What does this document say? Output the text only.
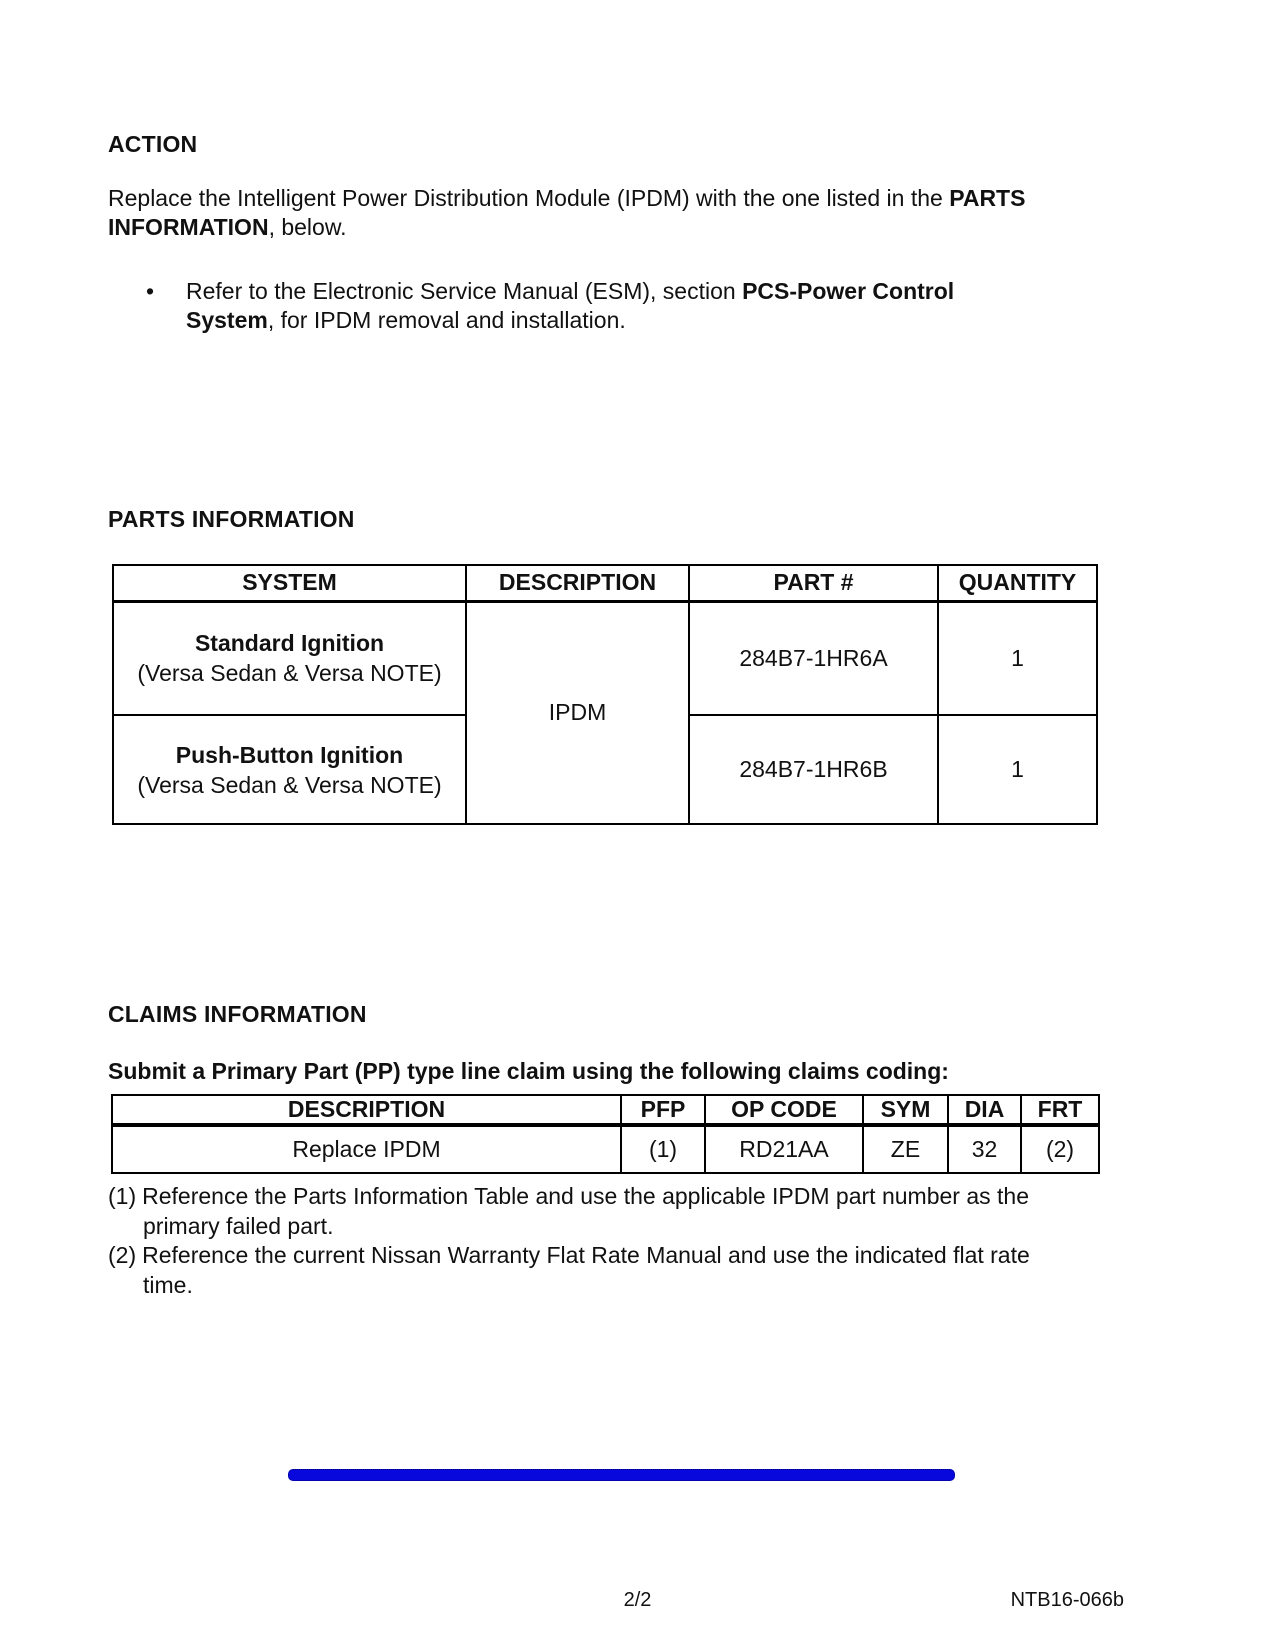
ACTION
Replace the Intelligent Power Distribution Module (IPDM) with the one listed in the PARTS INFORMATION, below.
•	Refer to the Electronic Service Manual (ESM), section PCS-Power Control System, for IPDM removal and installation.
PARTS INFORMATION
SYSTEM	DESCRIPTION	PART #	QUANTITY

Standard Ignition
(Versa Sedan & Versa NOTE)	IPDM	284B7-1HR6A	1

Push-Button Ignition
(Versa Sedan & Versa NOTE)		284B7-1HR6B	1
CLAIMS INFORMATION
Submit a Primary Part (PP) type line claim using the following claims coding:
DESCRIPTION	PFP	OP CODE	SYM	DIA	FRT
Replace IPDM	(1)	RD21AA	ZE	32	(2)
(1) Reference the Parts Information Table and use the applicable IPDM part number as the primary failed part.
(2) Reference the current Nissan Warranty Flat Rate Manual and use the indicated flat rate time.
2/2	NTB16-066b
